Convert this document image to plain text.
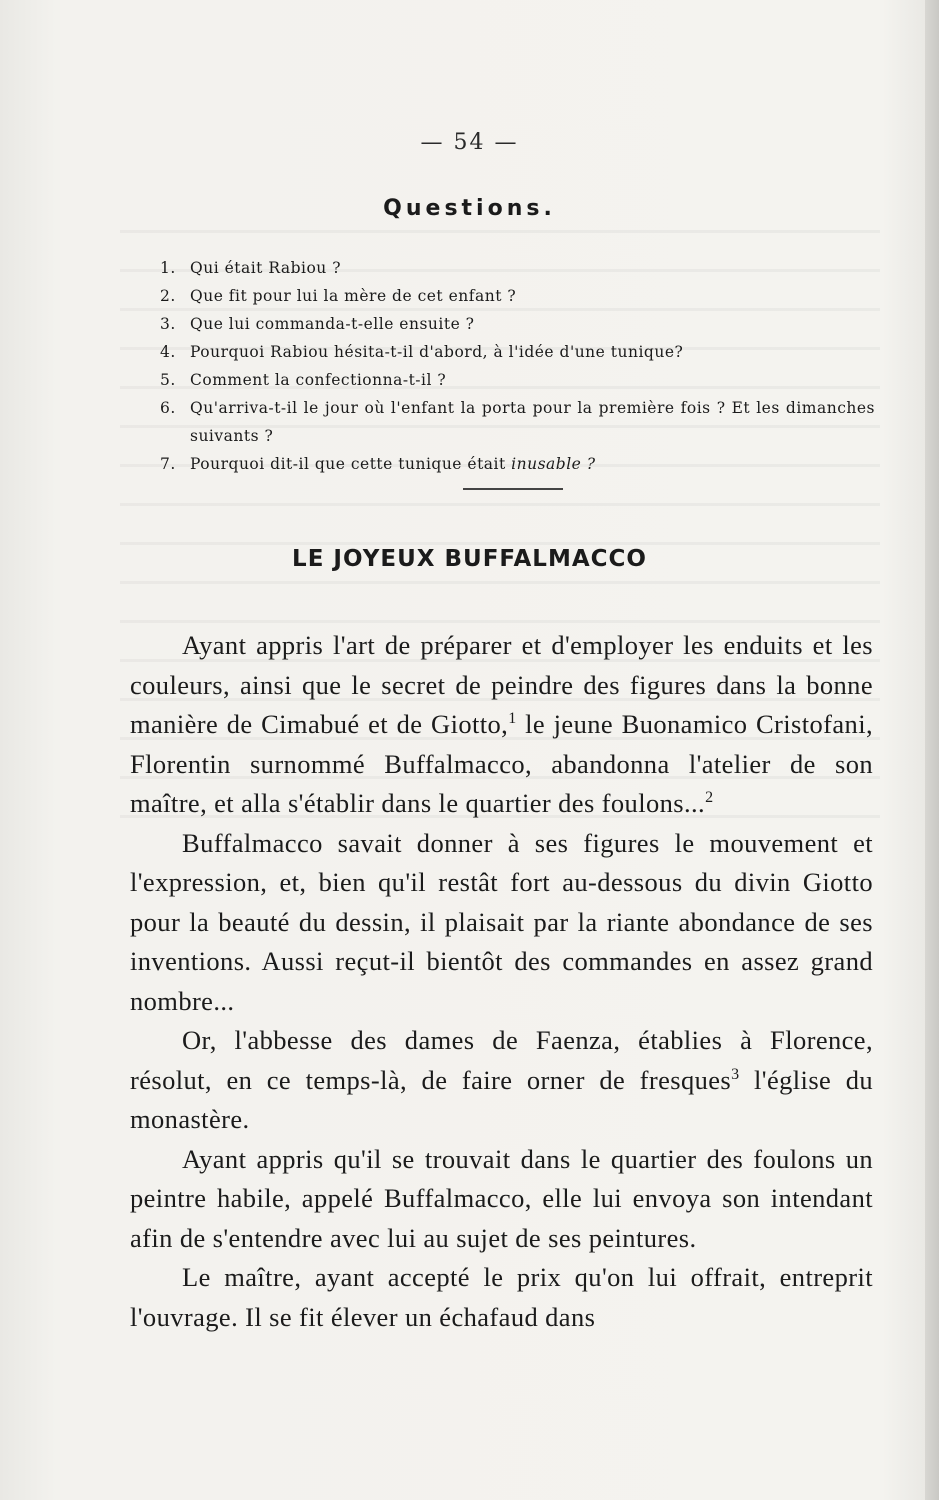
— 54 —
Questions.
1. Qui était Rabiou ?
2. Que fit pour lui la mère de cet enfant ?
3. Que lui commanda-t-elle ensuite ?
4. Pourquoi Rabiou hésita-t-il d'abord, à l'idée d'une tunique?
5. Comment la confectionna-t-il ?
6. Qu'arriva-t-il le jour où l'enfant la porta pour la première fois ? Et les dimanches suivants ?
7. Pourquoi dit-il que cette tunique était inusable ?
LE JOYEUX BUFFALMACCO

Ayant appris l'art de préparer et d'employer les enduits et les couleurs, ainsi que le secret de peindre des figures dans la bonne manière de Cimabué et de Giotto,$^1$ le jeune Buonamico Cristofani, Florentin surnommé Buffalmacco, abandonna l'atelier de son maître, et alla s'établir dans le quartier des foulons...$^2$

Buffalmacco savait donner à ses figures le mouvement et l'expression, et, bien qu'il restât fort au-dessous du divin Giotto pour la beauté du dessin, il plaisait par la riante abondance de ses inventions. Aussi reçut-il bientôt des commandes en assez grand nombre...

Or, l'abbesse des dames de Faenza, établies à Florence, résolut, en ce temps-là, de faire orner de fresques$^3$ l'église du monastère.

Ayant appris qu'il se trouvait dans le quartier des foulons un peintre habile, appelé Buffalmacco, elle lui envoya son intendant afin de s'entendre avec lui au sujet de ses peintures.

Le maître, ayant accepté le prix qu'on lui offrait, entreprit l'ouvrage. Il se fit élever un échafaud dans
